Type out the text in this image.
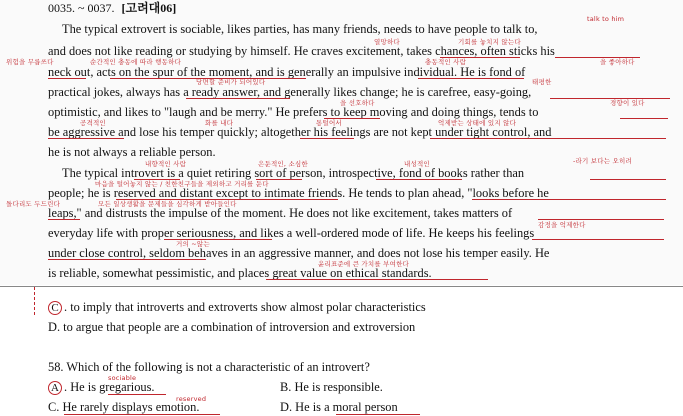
0035. ~ 0037. [고려대06]
The typical extrovert is sociable, likes parties, has many friends, needs to have people to talk to,
and does not like reading or studying by himself. He craves excitement, takes chances, often sticks his
neck out, acts on the spur of the moment, and is generally an impulsive individual. He is fond of
practical jokes, always has a ready answer, and generally likes change; he is carefree, easy-going,
optimistic, and likes to "laugh and be merry." He prefers to keep moving and doing things, tends to
be aggressive and lose his temper quickly; altogether his feelings are not kept under tight control, and
he is not always a reliable person.
The typical introvert is a quiet retiring sort of person, introspective, fond of books rather than
people; he is reserved and distant except to intimate friends. He tends to plan ahead, "looks before he
leaps," and distrusts the impulse of the moment. He does not like excitement, takes matters of
everyday life with proper seriousness, and likes a well-ordered mode of life. He keeps his feelings
under close control, seldom behaves in an aggressive manner, and does not lose his temper easily. He
is reliable, somewhat pessimistic, and places great value on ethical standards.
talk to him
열망하다	기회를 놓치지 않는다
위험을 무릅쓰다	순간적인 충동에 따라 행동하다	충동적인 사람	을 좋아하다
당면할 준비가 되어있다	태평한
을 선호하다	경향이 있다
공격적인	화를 내다	통털어서	억제받는 상태에 있지 않다
내향적인 사람	은둔적인, 소심한	내성적인	-라기 보다는 오히려
마음을 털어놓지 않는 / 친한친구들을 제외하고 거리를 둔다
돌다리도 두드린다	모든 일상생활을 문제들을 심각하게 받아들인다
감정을 억제한다
거의 ~않는
윤리표준에 큰 가치를 부여한다
C . to imply that introverts and extroverts show almost polar characteristics
D. to argue that people are a combination of introversion and extroversion
58. Which of the following is not a characteristic of an introvert?
sociable
A . He is gregarious.	B. He is responsible.
reserved
C. He rarely displays emotion.	D. He is a moral person
